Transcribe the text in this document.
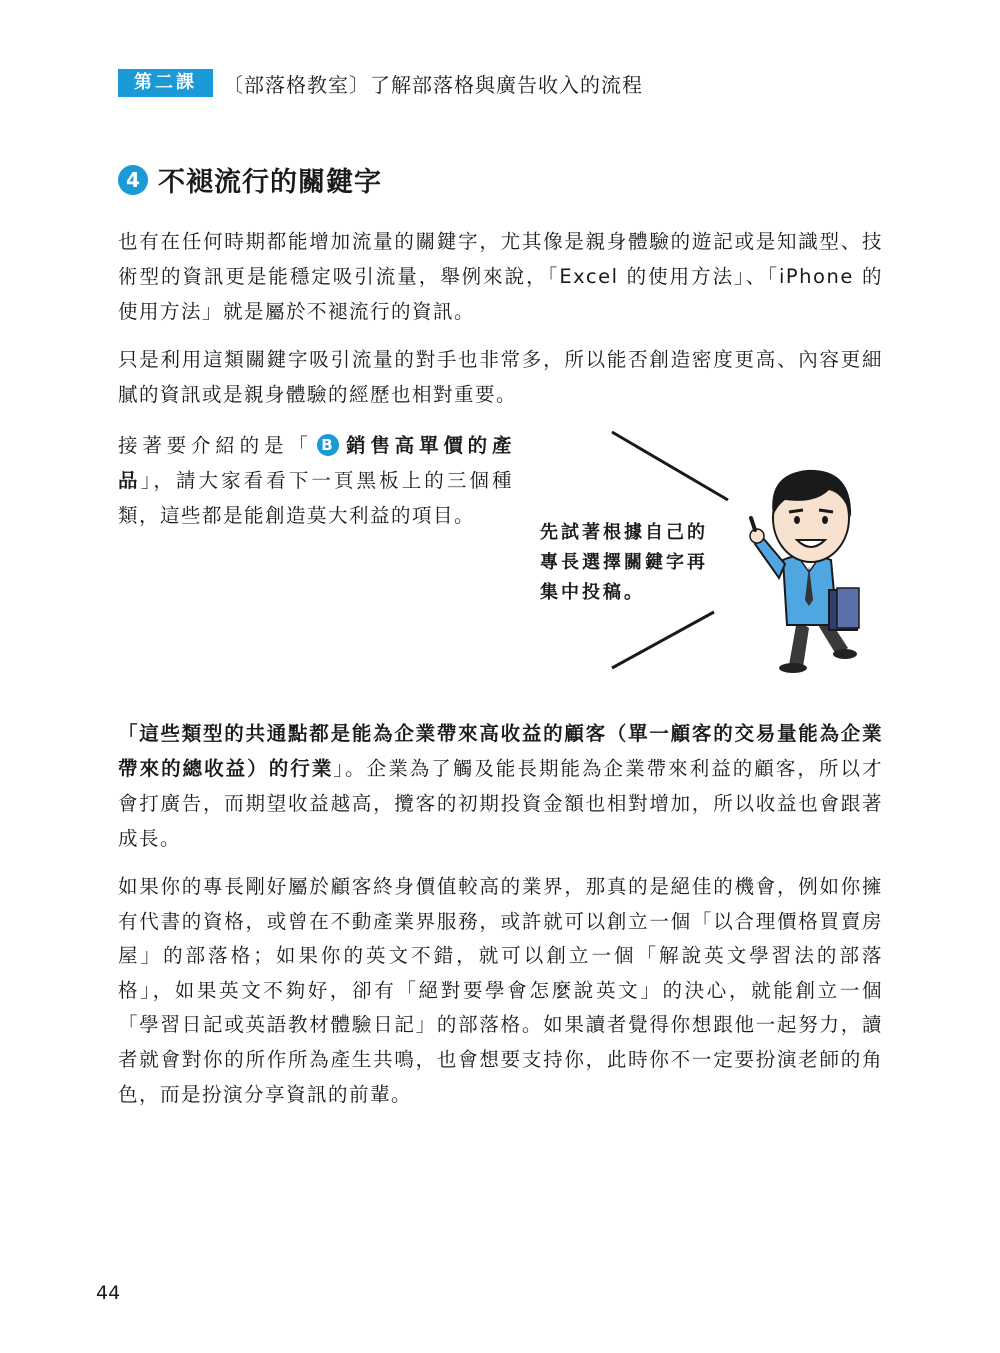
第二課	〔部落格教室〕了解部落格與廣告收入的流程
4 不褪流行的關鍵字

也有在任何時期都能增加流量的關鍵字，尤其像是親身體驗的遊記或是知識型、技術型的資訊更是能穩定吸引流量，舉例來說，「Excel 的使用方法」、「iPhone 的使用方法」就是屬於不褪流行的資訊。

只是利用這類關鍵字吸引流量的對手也非常多，所以能否創造密度更高、內容更細膩的資訊或是親身體驗的經歷也相對重要。

接著要介紹的是「 B 銷售高單價的產品」，請大家看看下一頁黑板上的三個種類，這些都是能創造莫大利益的項目。

先試著根據自己的
專長選擇關鍵字再
集中投稿。

「這些類型的共通點都是能為企業帶來高收益的顧客（單一顧客的交易量能為企業帶來的總收益）的行業」。企業為了觸及能長期能為企業帶來利益的顧客，所以才會打廣告，而期望收益越高，攬客的初期投資金額也相對增加，所以收益也會跟著成長。

如果你的專長剛好屬於顧客終身價值較高的業界，那真的是絕佳的機會，例如你擁有代書的資格，或曾在不動產業界服務，或許就可以創立一個「以合理價格買賣房屋」的部落格；如果你的英文不錯，就可以創立一個「解說英文學習法的部落格」，如果英文不夠好，卻有「絕對要學會怎麼說英文」的決心，就能創立一個「學習日記或英語教材體驗日記」的部落格。如果讀者覺得你想跟他一起努力，讀者就會對你的所作所為產生共鳴，也會想要支持你，此時你不一定要扮演老師的角色，而是扮演分享資訊的前輩。

44
